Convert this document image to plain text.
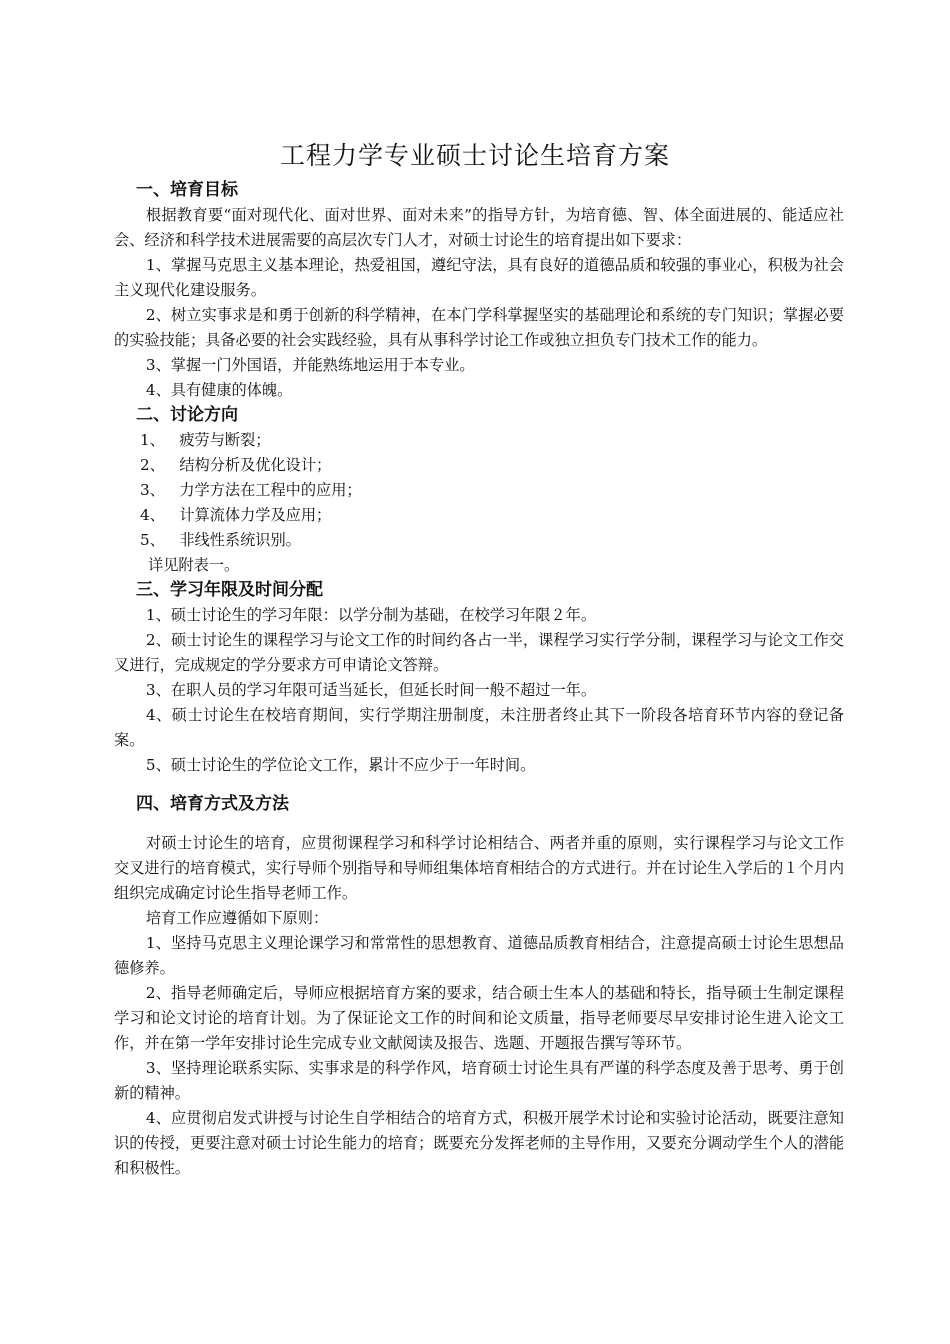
工程力学专业硕士讨论生培育方案
一、培育目标

根据教育要“面对现代化、面对世界、面对未来”的指导方针，为培育德、智、体全面进展的、能适应社会、经济和科学技术进展需要的高层次专门人才，对硕士讨论生的培育提出如下要求：

1、掌握马克思主义基本理论，热爱祖国，遵纪守法，具有良好的道德品质和较强的事业心，积极为社会主义现代化建设服务。

2、树立实事求是和勇于创新的科学精神，在本门学科掌握坚实的基础理论和系统的专门知识；掌握必要的实验技能；具备必要的社会实践经验，具有从事科学讨论工作或独立担负专门技术工作的能力。

3、掌握一门外国语，并能熟练地运用于本专业。

4、具有健康的体魄。

二、讨论方向
1、   疲劳与断裂；
2、   结构分析及优化设计；
3、   力学方法在工程中的应用；
4、   计算流体力学及应用；
5、   非线性系统识别。
详见附表一。
三、学习年限及时间分配

1、硕士讨论生的学习年限：以学分制为基础，在校学习年限２年。

2、硕士讨论生的课程学习与论文工作的时间约各占一半，课程学习实行学分制，课程学习与论文工作交叉进行，完成规定的学分要求方可申请论文答辩。

3、在职人员的学习年限可适当延长，但延长时间一般不超过一年。

4、硕士讨论生在校培育期间，实行学期注册制度，未注册者终止其下一阶段各培育环节内容的登记备案。

5、硕士讨论生的学位论文工作，累计不应少于一年时间。

四、培育方式及方法

对硕士讨论生的培育，应贯彻课程学习和科学讨论相结合、两者并重的原则，实行课程学习与论文工作交叉进行的培育模式，实行导师个别指导和导师组集体培育相结合的方式进行。并在讨论生入学后的１个月内组织完成确定讨论生指导老师工作。

培育工作应遵循如下原则：

1、坚持马克思主义理论课学习和常常性的思想教育、道德品质教育相结合，注意提高硕士讨论生思想品德修养。

2、指导老师确定后，导师应根据培育方案的要求，结合硕士生本人的基础和特长，指导硕士生制定课程学习和论文讨论的培育计划。为了保证论文工作的时间和论文质量，指导老师要尽早安排讨论生进入论文工作，并在第一学年安排讨论生完成专业文献阅读及报告、选题、开题报告撰写等环节。

3、坚持理论联系实际、实事求是的科学作风，培育硕士讨论生具有严谨的科学态度及善于思考、勇于创新的精神。

4、应贯彻启发式讲授与讨论生自学相结合的培育方式，积极开展学术讨论和实验讨论活动，既要注意知识的传授，更要注意对硕士讨论生能力的培育；既要充分发挥老师的主导作用，又要充分调动学生个人的潜能和积极性。
